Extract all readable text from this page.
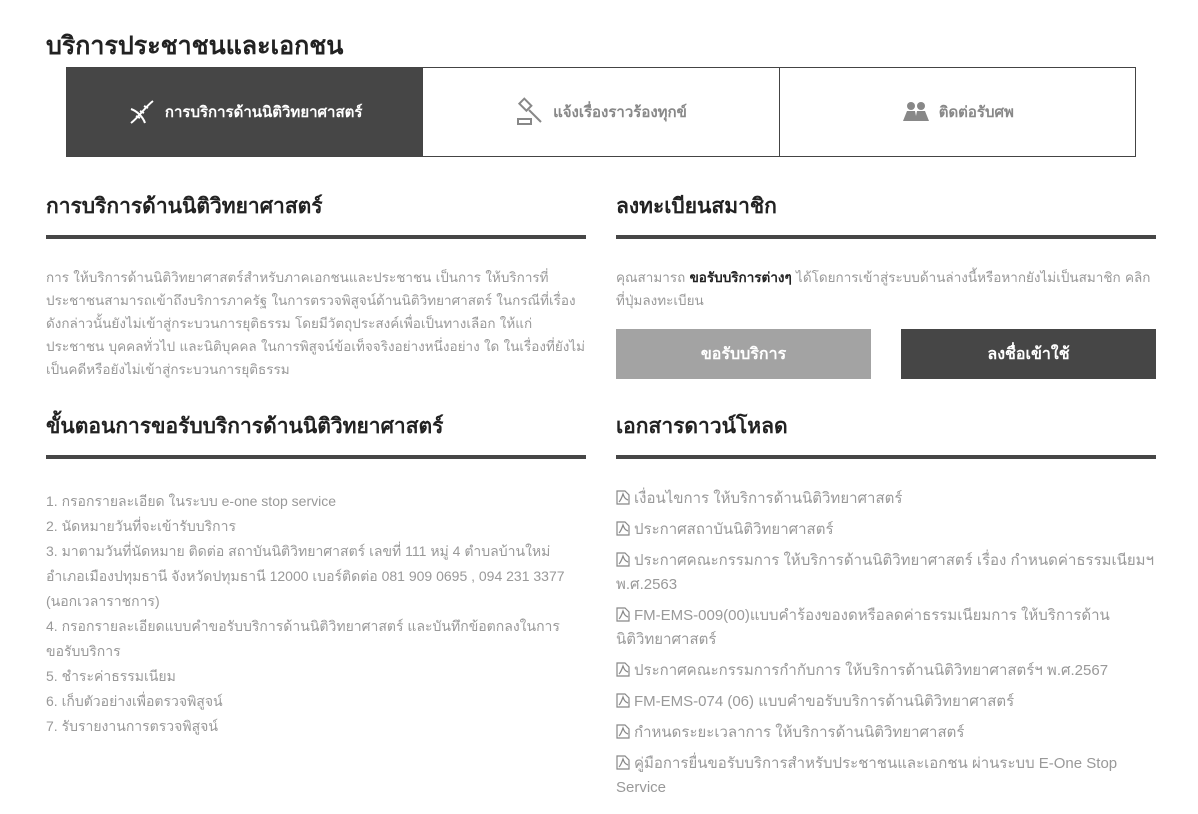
บริการประชาชนและเอกชน
การบริการด้านนิติวิทยาศาสตร์	แจ้งเรื่องราวร้องทุกข์	ติดต่อรับศพ
การบริการด้านนิติวิทยาศาสตร์
การ ให้บริการด้านนิติวิทยาศาสตร์สำหรับภาคเอกชนและประชาชน เป็นการ ให้บริการที่ประชาชนสามารถเข้าถึงบริการภาครัฐ ในการตรวจพิสูจน์ด้านนิติวิทยาศาสตร์ ในกรณีที่เรื่องดังกล่าวนั้นยังไม่เข้าสู่กระบวนการยุติธรรม โดยมีวัตถุประสงค์เพื่อเป็นทางเลือก ให้แก่ประชาชน บุคคลทั่วไป และนิติบุคคล ในการพิสูจน์ข้อเท็จจริงอย่างหนึ่งอย่าง ใด ในเรื่องที่ยังไม่เป็นคดีหรือยังไม่เข้าสู่กระบวนการยุติธรรม
ลงทะเบียนสมาชิก
คุณสามารถ ขอรับบริการต่างๆ ได้โดยการเข้าสู่ระบบด้านล่างนี้หรือหากยังไม่เป็นสมาชิก คลิกที่ปุ่มลงทะเบียน
ขอรับบริการ	ลงชื่อเข้าใช้
ขั้นตอนการขอรับบริการด้านนิติวิทยาศาสตร์
1. กรอกรายละเอียด ในระบบ e-one stop service
2. นัดหมายวันที่จะเข้ารับบริการ
3. มาตามวันที่นัดหมาย ติดต่อ สถาบันนิติวิทยาศาสตร์ เลขที่ 111 หมู่ 4 ตำบลบ้านใหม่ อำเภอเมืองปทุมธานี จังหวัดปทุมธานี 12000 เบอร์ติดต่อ 081 909 0695 , 094 231 3377 (นอกเวลาราชการ)
4. กรอกรายละเอียดแบบคำขอรับบริการด้านนิติวิทยาศาสตร์ และบันทึกข้อตกลงในการขอรับบริการ
5. ชำระค่าธรรมเนียม
6. เก็บตัวอย่างเพื่อตรวจพิสูจน์
7. รับรายงานการตรวจพิสูจน์
เอกสารดาวน์โหลด
เงื่อนไขการ ให้บริการด้านนิติวิทยาศาสตร์
ประกาศสถาบันนิติวิทยาศาสตร์
ประกาศคณะกรรมการ ให้บริการด้านนิติวิทยาศาสตร์ เรื่อง กำหนดค่าธรรมเนียมฯ พ.ศ.2563
FM-EMS-009(00)แบบคำร้องของดหรือลดค่าธรรมเนียมการ ให้บริการด้านนิติวิทยาศาสตร์
ประกาศคณะกรรมการกำกับการ ให้บริการด้านนิติวิทยาศาสตร์ฯ พ.ศ.2567
FM-EMS-074 (06) แบบคำขอรับบริการด้านนิติวิทยาศาสตร์
กำหนดระยะเวลาการ ให้บริการด้านนิติวิทยาศาสตร์
คู่มือการยื่นขอรับบริการสำหรับประชาชนและเอกชน ผ่านระบบ E-One Stop Service
